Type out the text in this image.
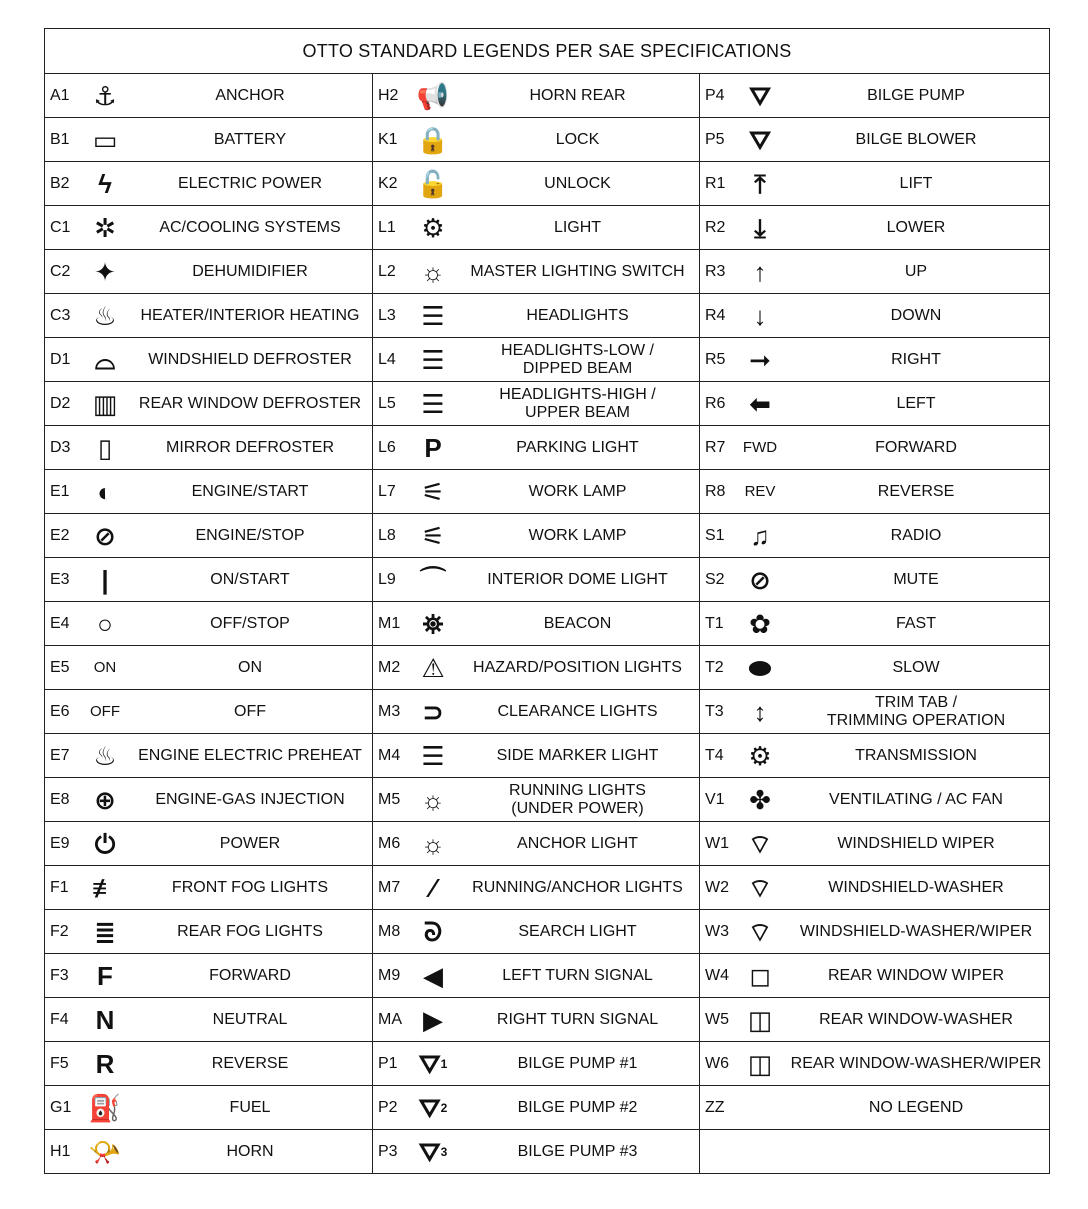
OTTO STANDARD LEGENDS PER SAE SPECIFICATIONS		

A1 ⚓ ANCHOR	H2 📢 HORN REAR	P4 ⛛ BILGE PUMP

B1 ▭ BATTERY	K1 🔒 LOCK	P5 ⛛ BILGE BLOWER

B2 ϟ ELECTRIC POWER	K2 🔓 UNLOCK	R1 ⤒ LIFT

C1 ✲ AC/COOLING SYSTEMS	L1 ⚙ LIGHT	R2 ⤓ LOWER

C2 ✦ DEHUMIDIFIER	L2 ☼ MASTER LIGHTING SWITCH	R3 ↑ UP

C3 ♨ HEATER/INTERIOR HEATING	L3 ☰ HEADLIGHTS	R4 ↓ DOWN

D1 ⌓ WINDSHIELD DEFROSTER	L4 ☰ HEADLIGHTS-LOW /
DIPPED BEAM	R5 ➞ RIGHT

D2 ▥ REAR WINDOW DEFROSTER	L5 ☰ HEADLIGHTS-HIGH /
UPPER BEAM	R6 ⬅ LEFT

D3 ▯ MIRROR DEFROSTER	L6 P PARKING LIGHT	R7 FWD FORWARD

E1 ◐ ENGINE/START	L7 ⚟ WORK LAMP	R8 REV REVERSE

E2 ⊘ ENGINE/STOP	L8 ⚟ WORK LAMP	S1 ♫ RADIO

E3 | ON/START	L9 ⌒ INTERIOR DOME LIGHT	S2 ⊘ MUTE

E4 ○ OFF/STOP	M1 ⛯ BEACON	T1 ✿ FAST

E5 ON ON	M2 ⚠ HAZARD/POSITION LIGHTS	T2 ⬬ SLOW

E6 OFF OFF	M3 ⊃ CLEARANCE LIGHTS	T3 ↕ TRIM TAB /
TRIMMING OPERATION

E7 ♨ ENGINE ELECTRIC PREHEAT	M4 ☰ SIDE MARKER LIGHT	T4 ⚙ TRANSMISSION

E8 ⊕ ENGINE-GAS INJECTION	M5 ☼ RUNNING LIGHTS
(UNDER POWER)	V1 ✤ VENTILATING / AC FAN

E9 ⏻ POWER	M6 ☼ ANCHOR LIGHT	W1 ⌔ WINDSHIELD WIPER

F1 ≢ FRONT FOG LIGHTS	M7 ⁄ RUNNING/ANCHOR LIGHTS	W2 ⌔ WINDSHIELD-WASHER

F2 ≣ REAR FOG LIGHTS	M8 ᘐ SEARCH LIGHT	W3 ⌔ WINDSHIELD-WASHER/WIPER

F3 F FORWARD	M9 ◀ LEFT TURN SIGNAL	W4 ◻ REAR WINDOW WIPER

F4 N NEUTRAL	MA ▶ RIGHT TURN SIGNAL	W5 ◫ REAR WINDOW-WASHER

F5 R REVERSE	P1 ⛛ 1 BILGE PUMP #1	W6 ◫ REAR WINDOW-WASHER/WIPER

G1 ⛽ FUEL	P2 ⛛ 2 BILGE PUMP #2	ZZ NO LEGEND

H1 📯 HORN	P3 ⛛ 3 BILGE PUMP #3	
